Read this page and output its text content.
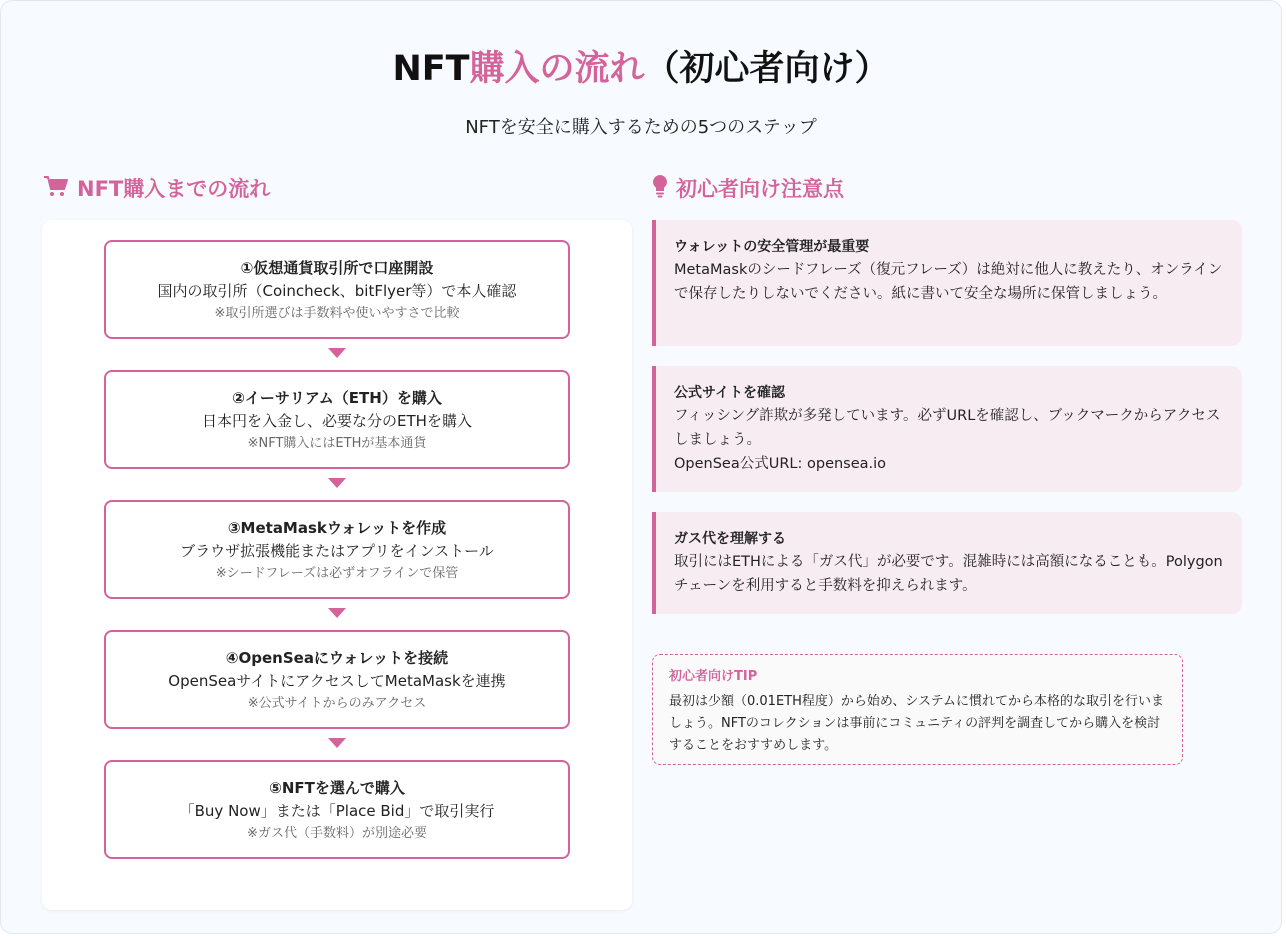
NFT購入の流れ（初心者向け）
NFTを安全に購入するための5つのステップ
NFT購入までの流れ
①仮想通貨取引所で口座開設
国内の取引所（Coincheck、bitFlyer等）で本人確認
※取引所選びは手数料や使いやすさで比較
②イーサリアム（ETH）を購入
日本円を入金し、必要な分のETHを購入
※NFT購入にはETHが基本通貨
③MetaMaskウォレットを作成
ブラウザ拡張機能またはアプリをインストール
※シードフレーズは必ずオフラインで保管
④OpenSeaにウォレットを接続
OpenSeaサイトにアクセスしてMetaMaskを連携
※公式サイトからのみアクセス
⑤NFTを選んで購入
「Buy Now」または「Place Bid」で取引実行
※ガス代（手数料）が別途必要
初心者向け注意点
ウォレットの安全管理が最重要
MetaMaskのシードフレーズ（復元フレーズ）は絶対に他人に教えたり、オンラインで保存したりしないでください。紙に書いて安全な場所に保管しましょう。
公式サイトを確認
フィッシング詐欺が多発しています。必ずURLを確認し、ブックマークからアクセスしましょう。
OpenSea公式URL: opensea.io
ガス代を理解する
取引にはETHによる「ガス代」が必要です。混雑時には高額になることも。Polygonチェーンを利用すると手数料を抑えられます。
初心者向けTIP
最初は少額（0.01ETH程度）から始め、システムに慣れてから本格的な取引を行いましょう。NFTのコレクションは事前にコミュニティの評判を調査してから購入を検討することをおすすめします。
